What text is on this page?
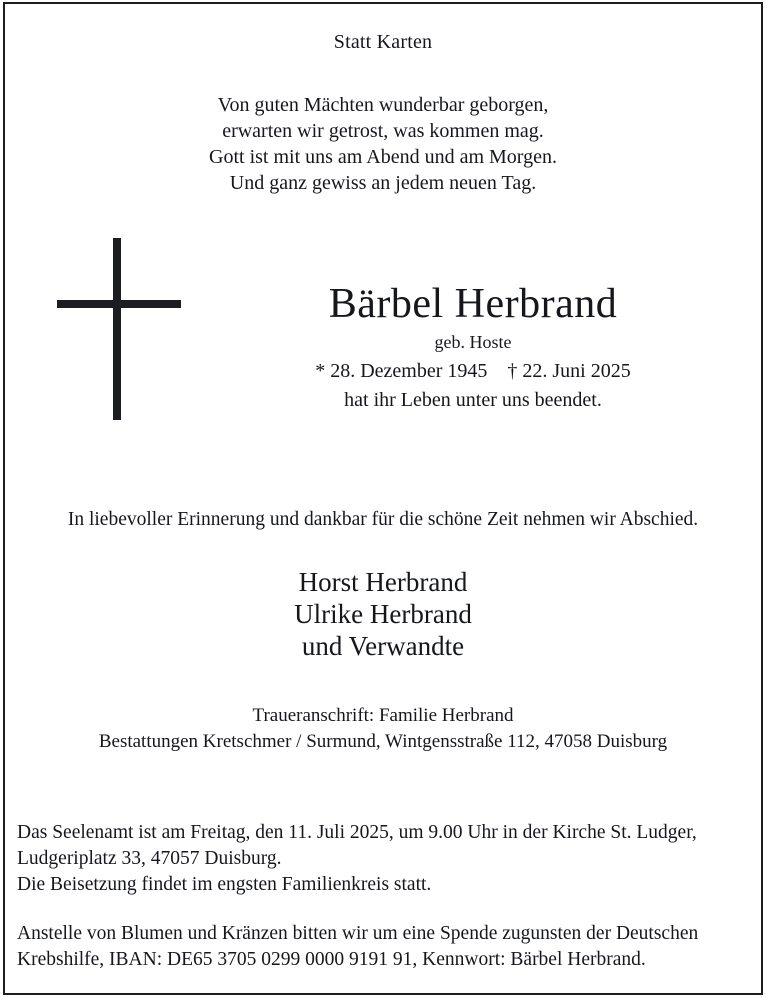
Statt Karten
Von guten Mächten wunderbar geborgen,
erwarten wir getrost, was kommen mag.
Gott ist mit uns am Abend und am Morgen.
Und ganz gewiss an jedem neuen Tag.
Bärbel Herbrand
geb. Hoste
* 28. Dezember 1945    † 22. Juni 2025
hat ihr Leben unter uns beendet.
In liebevoller Erinnerung und dankbar für die schöne Zeit nehmen wir Abschied.
Horst Herbrand
Ulrike Herbrand
und Verwandte
Traueranschrift: Familie Herbrand
Bestattungen Kretschmer / Surmund, Wintgensstraße 112, 47058 Duisburg
Das Seelenamt ist am Freitag, den 11. Juli 2025, um 9.00 Uhr in der Kirche St. Ludger,
Ludgeriplatz 33, 47057 Duisburg.
Die Beisetzung findet im engsten Familienkreis statt.
Anstelle von Blumen und Kränzen bitten wir um eine Spende zugunsten der Deutschen
Krebshilfe, IBAN: DE65 3705 0299 0000 9191 91, Kennwort: Bärbel Herbrand.
